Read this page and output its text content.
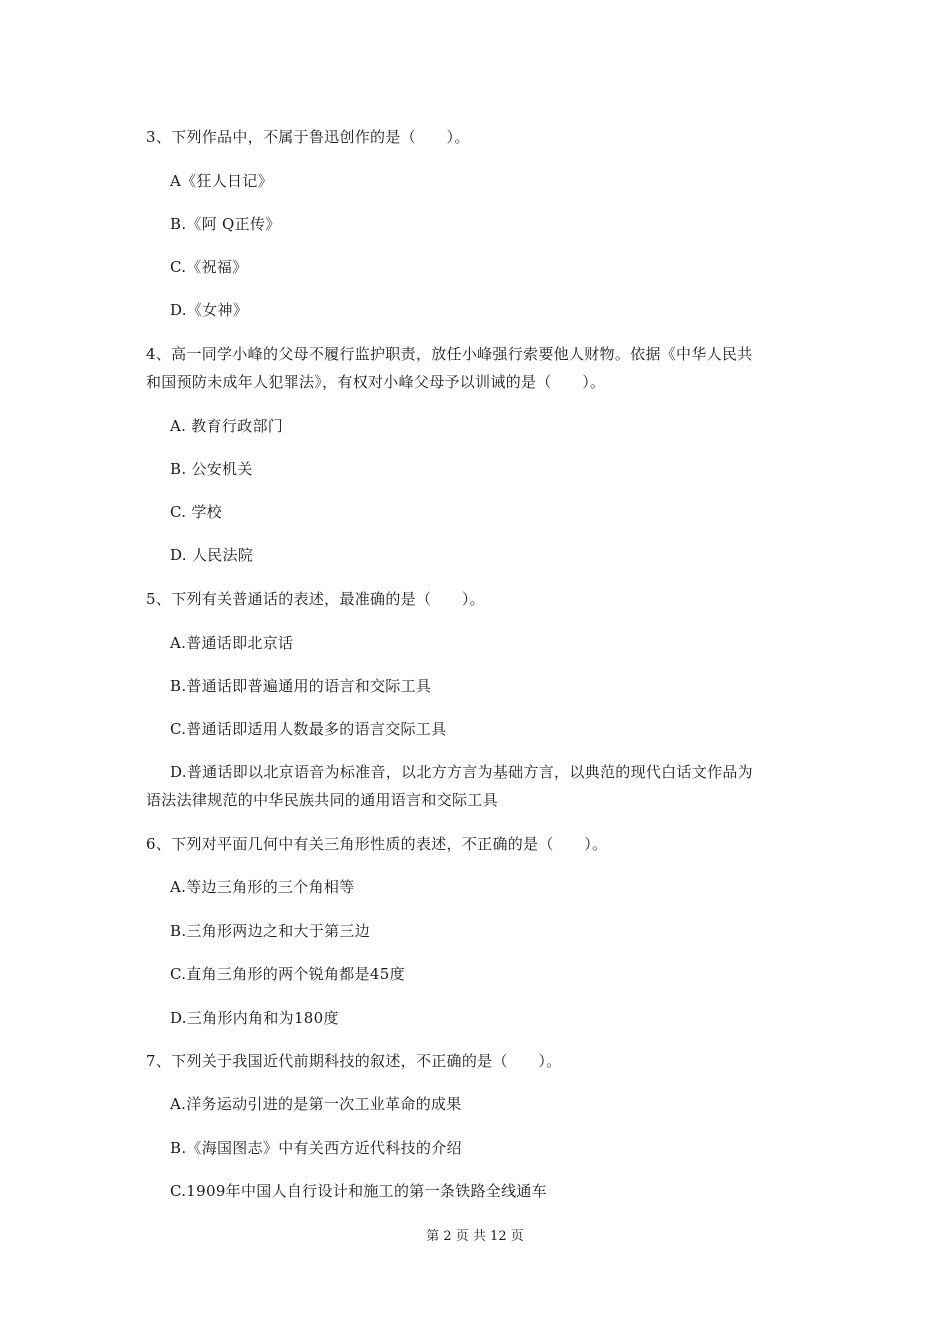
3、下列作品中，不属于鲁迅创作的是（　　）。
A《狂人日记》
B.《阿 Q正传》
C.《祝福》
D.《女神》
4、高一同学小峰的父母不履行监护职责，放任小峰强行索要他人财物。依据《中华人民共
和国预防未成年人犯罪法》，有权对小峰父母予以训诫的是（　　）。
A. 教育行政部门
B. 公安机关
C. 学校
D. 人民法院
5、下列有关普通话的表述，最准确的是（　　）。
A.普通话即北京话
B.普通话即普遍通用的语言和交际工具
C.普通话即适用人数最多的语言交际工具
D.普通话即以北京语音为标准音，以北方方言为基础方言，以典范的现代白话文作品为
语法法律规范的中华民族共同的通用语言和交际工具
6、下列对平面几何中有关三角形性质的表述，不正确的是（　　）。
A.等边三角形的三个角相等
B.三角形两边之和大于第三边
C.直角三角形的两个锐角都是45度
D.三角形内角和为180度
7、下列关于我国近代前期科技的叙述，不正确的是（　　）。
A.洋务运动引进的是第一次工业革命的成果
B.《海国图志》中有关西方近代科技的介绍
C.1909年中国人自行设计和施工的第一条铁路全线通车
第 2 页 共 12 页
